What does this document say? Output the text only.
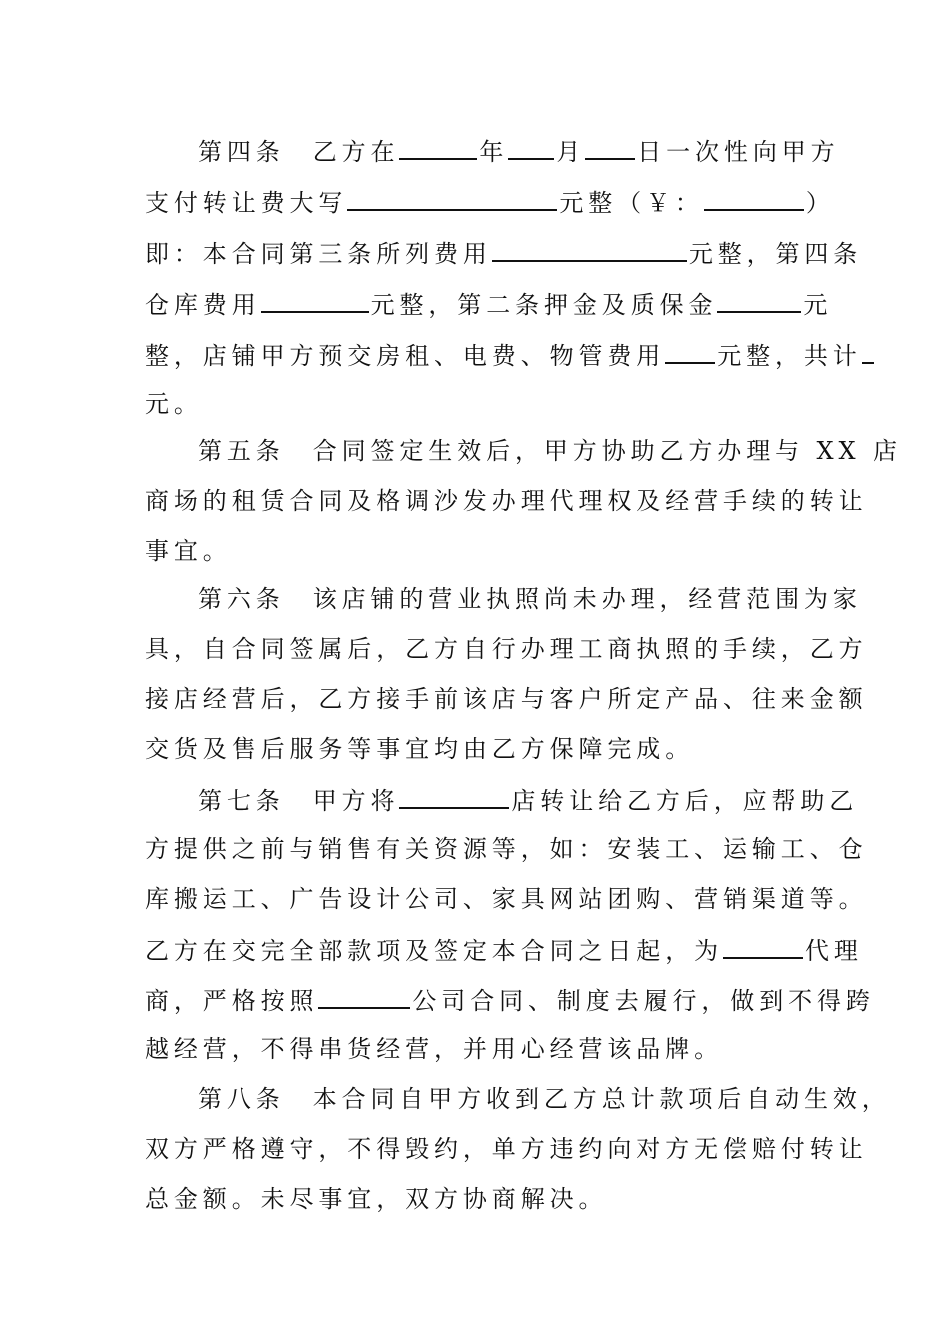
第四条 乙方在	年 月 日一次性向甲方
支付转让费大写	元整（￥：	）
即：本合同第三条所列费用	元整，第四条
仓库费用	元整，第二条押金及质保金	元
整，店铺甲方预交房租、电费、物管费用 元整，共计
元。
第五条 合同签定生效后，甲方协助乙方办理与 XX 店
商场的租赁合同及格调沙发办理代理权及经营手续的转让
事宜。
第六条 该店铺的营业执照尚未办理，经营范围为家
具，自合同签属后，乙方自行办理工商执照的手续，乙方
接店经营后，乙方接手前该店与客户所定产品、往来金额
交货及售后服务等事宜均由乙方保障完成。
第七条 甲方将	店转让给乙方后，应帮助乙
方提供之前与销售有关资源等，如：安装工、运输工、仓
库搬运工、广告设计公司、家具网站团购、营销渠道等。
乙方在交完全部款项及签定本合同之日起，为	代理
商，严格按照	公司合同、制度去履行，做到不得跨
越经营，不得串货经营，并用心经营该品牌。
第八条 本合同自甲方收到乙方总计款项后自动生效，
双方严格遵守，不得毁约，单方违约向对方无偿赔付转让
总金额。未尽事宜，双方协商解决。
